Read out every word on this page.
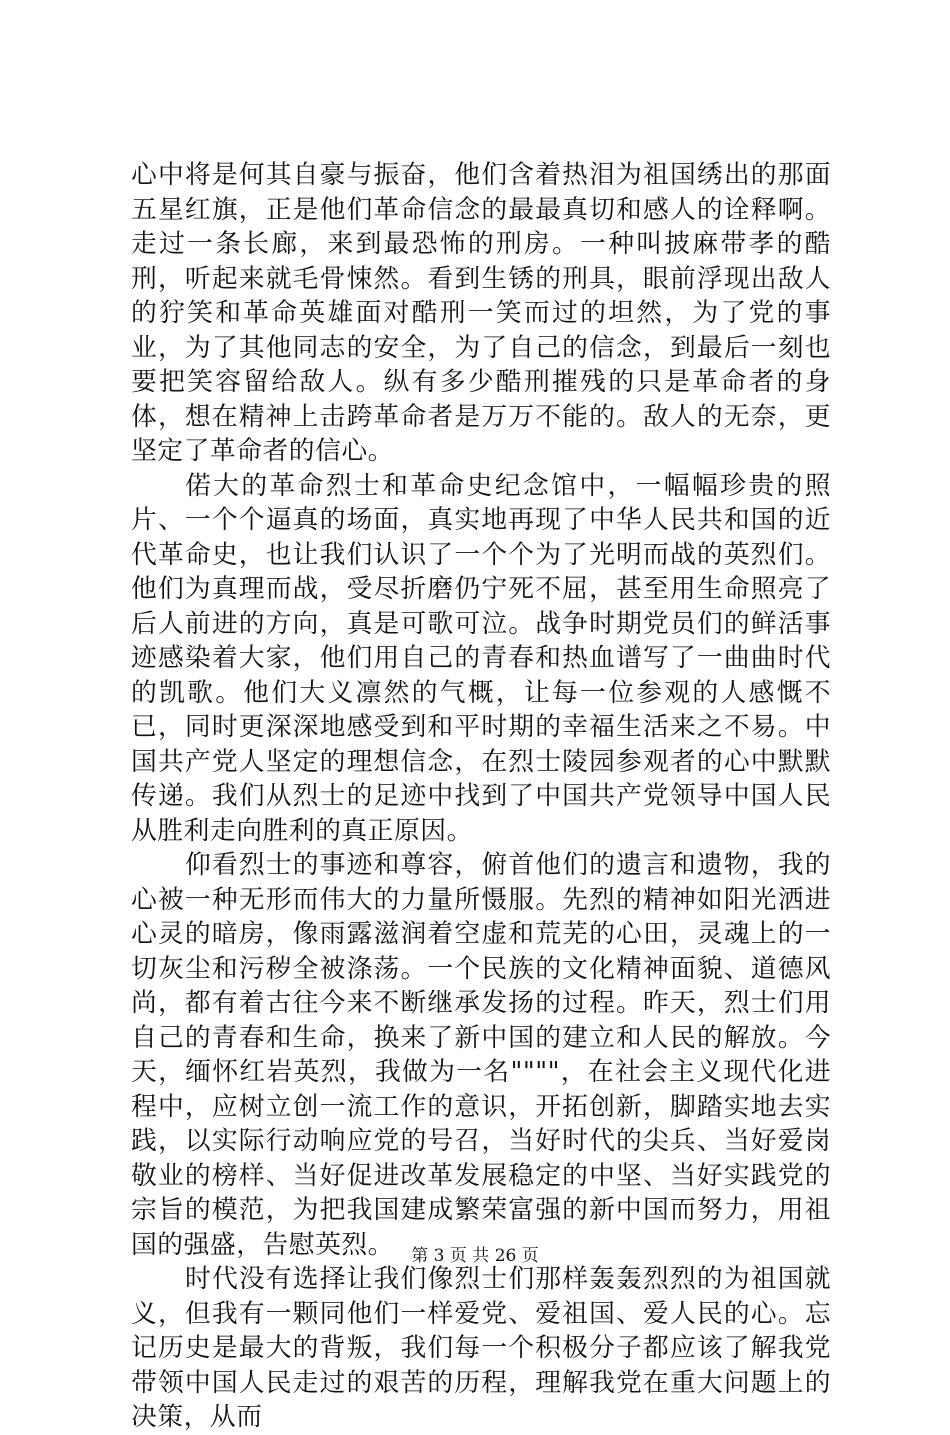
心中将是何其自豪与振奋，他们含着热泪为祖国绣出的那面五星红旗，正是他们革命信念的最最真切和感人的诠释啊。走过一条长廊，来到最恐怖的刑房。一种叫披麻带孝的酷刑，听起来就毛骨悚然。看到生锈的刑具，眼前浮现出敌人的狞笑和革命英雄面对酷刑一笑而过的坦然，为了党的事业，为了其他同志的安全，为了自己的信念，到最后一刻也要把笑容留给敌人。纵有多少酷刑摧残的只是革命者的身体，想在精神上击跨革命者是万万不能的。敌人的无奈，更坚定了革命者的信心。

偌大的革命烈士和革命史纪念馆中，一幅幅珍贵的照片、一个个逼真的场面，真实地再现了中华人民共和国的近代革命史，也让我们认识了一个个为了光明而战的英烈们。他们为真理而战，受尽折磨仍宁死不屈，甚至用生命照亮了后人前进的方向，真是可歌可泣。战争时期党员们的鲜活事迹感染着大家，他们用自己的青春和热血谱写了一曲曲时代的凯歌。他们大义凛然的气概，让每一位参观的人感慨不已，同时更深深地感受到和平时期的幸福生活来之不易。中国共产党人坚定的理想信念，在烈士陵园参观者的心中默默传递。我们从烈士的足迹中找到了中国共产党领导中国人民从胜利走向胜利的真正原因。

仰看烈士的事迹和尊容，俯首他们的遗言和遗物，我的心被一种无形而伟大的力量所慑服。先烈的精神如阳光洒进心灵的暗房，像雨露滋润着空虚和荒芜的心田，灵魂上的一切灰尘和污秽全被涤荡。一个民族的文化精神面貌、道德风尚，都有着古往今来不断继承发扬的过程。昨天，烈士们用自己的青春和生命，换来了新中国的建立和人民的解放。今天，缅怀红岩英烈，我做为一名""""，在社会主义现代化进程中，应树立创一流工作的意识，开拓创新，脚踏实地去实践，以实际行动响应党的号召，当好时代的尖兵、当好爱岗敬业的榜样、当好促进改革发展稳定的中坚、当好实践党的宗旨的模范，为把我国建成繁荣富强的新中国而努力，用祖国的强盛，告慰英烈。

时代没有选择让我们像烈士们那样轰轰烈烈的为祖国就义，但我有一颗同他们一样爱党、爱祖国、爱人民的心。忘记历史是最大的背叛，我们每一个积极分子都应该了解我党带领中国人民走过的艰苦的历程，理解我党在重大问题上的决策，从而

第 3 页 共 26 页
